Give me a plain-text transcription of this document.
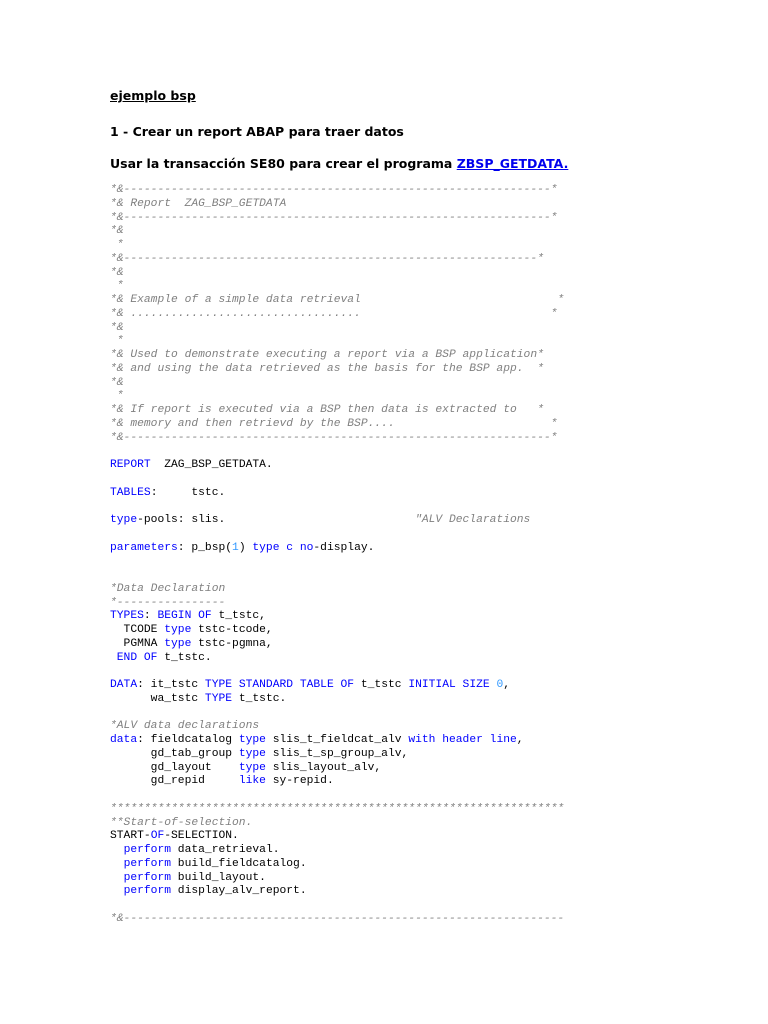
ejemplo bsp

1 - Crear un report ABAP para traer datos

Usar la transacción SE80 para crear el programa ZBSP_GETDATA.

*&---------------------------------------------------------------*
*& Report  ZAG_BSP_GETDATA
*&---------------------------------------------------------------*
*&
*
*&-------------------------------------------------------------*
*&
*
*& Example of a simple data retrieval                             *
*& ..................................                            *
*&
*
*& Used to demonstrate executing a report via a BSP application*
*& and using the data retrieved as the basis for the BSP app.  *
*&
*
*& If report is executed via a BSP then data is extracted to   *
*& memory and then retrievd by the BSP....                       *
*&---------------------------------------------------------------*

REPORT  ZAG_BSP_GETDATA.

TABLES:     tstc.

type-pools: slis.                            "ALV Declarations

parameters: p_bsp(1) type c no-display.

*Data Declaration
*----------------
TYPES: BEGIN OF t_tstc,
TCODE type tstc-tcode,
PGMNA type tstc-pgmna,
END OF t_tstc.

DATA: it_tstc TYPE STANDARD TABLE OF t_tstc INITIAL SIZE 0,
wa_tstc TYPE t_tstc.

*ALV data declarations
data: fieldcatalog type slis_t_fieldcat_alv with header line,
gd_tab_group type slis_t_sp_group_alv,
gd_layout    type slis_layout_alv,
gd_repid     like sy-repid.

*******************************************************************
**Start-of-selection.
START-OF-SELECTION.
perform data_retrieval.
perform build_fieldcatalog.
perform build_layout.
perform display_alv_report.

*&-----------------------------------------------------------------
